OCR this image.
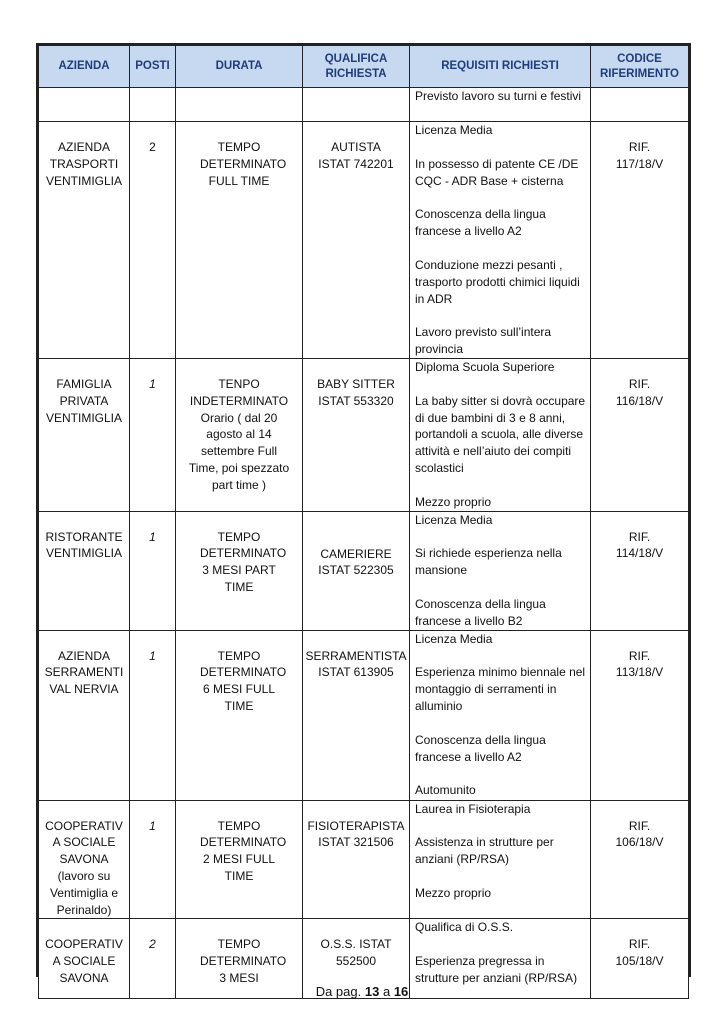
AZIENDA	POSTI	DURATA	QUALIFICA RICHIESTA	REQUISITI RICHIESTI	CODICE RIFERIMENTO

				Previsto lavoro su turni e festivi	

AZIENDA TRASPORTI VENTIMIGLIA	2	TEMPO DETERMINATO FULL TIME	AUTISTA ISTAT 742201	Licenza Media

In possesso di patente CE /DE CQC - ADR Base + cisterna

Conoscenza della lingua francese a livello A2

Conduzione mezzi pesanti , trasporto prodotti chimici liquidi in ADR

Lavoro previsto sull’intera provincia	RIF. 117/18/V
FAMIGLIA PRIVATA VENTIMIGLIA	1	TENPO INDETERMINATO Orario ( dal 20 agosto al 14 settembre Full Time, poi spezzato part time )	BABY SITTER ISTAT 553320	Diploma Scuola Superiore

La baby sitter si dovrà occupare di due bambini di 3 e 8 anni, portandoli a scuola, alle diverse attività e nell’aiuto dei compiti scolastici

Mezzo proprio	RIF. 116/18/V
RISTORANTE VENTIMIGLIA	1	TEMPO DETERMINATO 3 MESI PART TIME	CAMERIERE ISTAT 522305	Licenza Media

Si richiede esperienza nella mansione

Conoscenza della lingua francese a livello B2	RIF. 114/18/V
AZIENDA SERRAMENTI VAL NERVIA	1	TEMPO DETERMINATO 6 MESI FULL TIME	SERRAMENTISTA ISTAT 613905	Licenza Media

Esperienza minimo biennale nel montaggio di serramenti in alluminio

Conoscenza della lingua francese a livello A2

Automunito	RIF. 113/18/V
COOPERATIV A SOCIALE SAVONA (lavoro su Ventimiglia e Perinaldo)	1	TEMPO DETERMINATO 2 MESI FULL TIME	FISIOTERAPISTA ISTAT 321506	Laurea in Fisioterapia

Assistenza in strutture per anziani (RP/RSA)

Mezzo proprio	RIF. 106/18/V
COOPERATIV A SOCIALE SAVONA	2	TEMPO DETERMINATO 3 MESI	O.S.S. ISTAT 552500	Qualifica di O.S.S.

Esperienza pregressa in strutture per anziani (RP/RSA)	RIF. 105/18/V
Da pag. 13 a 16
